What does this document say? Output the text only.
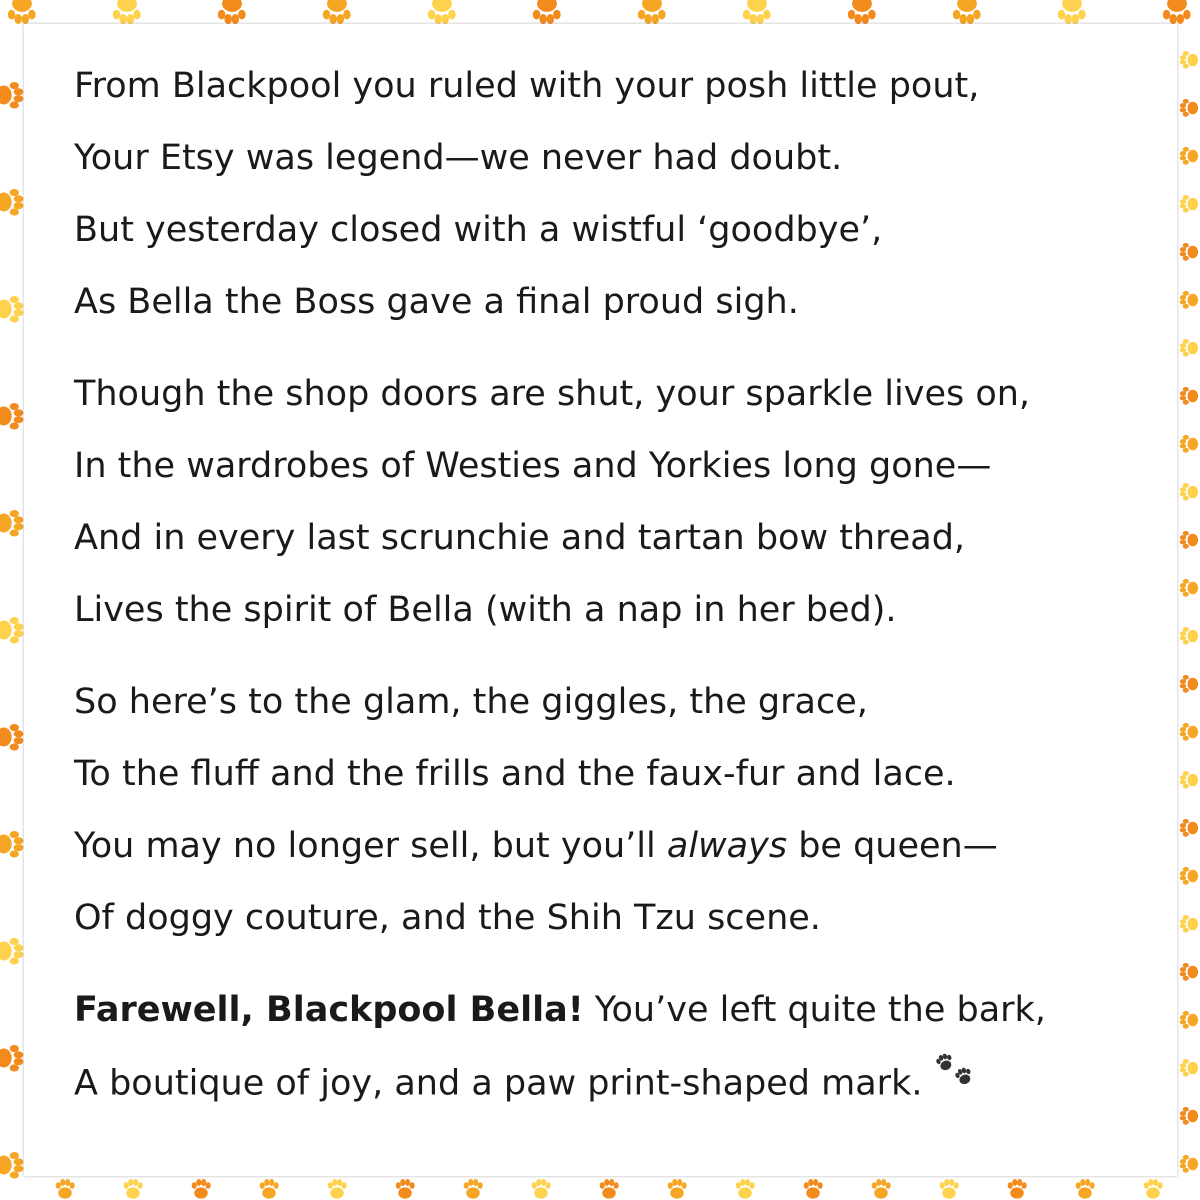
From Blackpool you ruled with your posh little pout,
Your Etsy was legend—we never had doubt.
But yesterday closed with a wistful ‘goodbye’,
As Bella the Boss gave a final proud sigh.
Though the shop doors are shut, your sparkle lives on,
In the wardrobes of Westies and Yorkies long gone—
And in every last scrunchie and tartan bow thread,
Lives the spirit of Bella (with a nap in her bed).
So here’s to the glam, the giggles, the grace,
To the fluff and the frills and the faux-fur and lace.
You may no longer sell, but you’ll always be queen—
Of doggy couture, and the Shih Tzu scene.
Farewell, Blackpool Bella! You’ve left quite the bark,
A boutique of joy, and a paw print-shaped mark.
